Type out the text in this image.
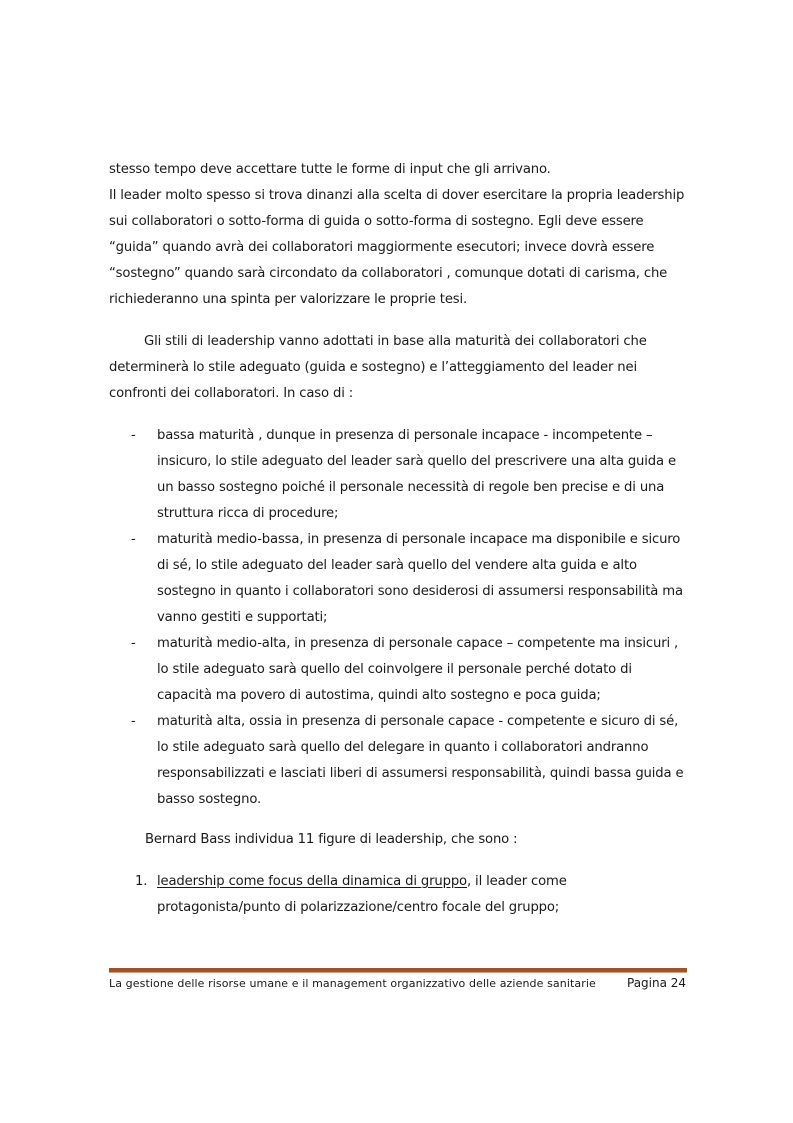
stesso tempo deve accettare tutte le forme di input che gli arrivano.

Il leader molto spesso si trova dinanzi alla scelta di dover esercitare la propria leadership sui collaboratori o sotto-forma di guida o sotto-forma di sostegno. Egli deve essere “guida” quando avrà dei collaboratori maggiormente esecutori; invece dovrà essere “sostegno” quando sarà circondato da collaboratori , comunque dotati di carisma, che richiederanno una spinta per valorizzare le proprie tesi.

Gli stili di leadership vanno adottati in base alla maturità dei collaboratori che determinerà lo stile adeguato (guida e sostegno) e l’atteggiamento del leader nei confronti dei collaboratori. In caso di :

- bassa maturità , dunque in presenza di personale incapace - incompetente – insicuro, lo stile adeguato del leader sarà quello del prescrivere una alta guida e un basso sostegno poiché il personale necessità di regole ben precise e di una struttura ricca di procedure;
- maturità medio-bassa, in presenza di personale incapace ma disponibile e sicuro di sé, lo stile adeguato del leader sarà quello del vendere alta guida e alto sostegno in quanto i collaboratori sono desiderosi di assumersi responsabilità ma vanno gestiti e supportati;
- maturità medio-alta, in presenza di personale capace – competente ma insicuri , lo stile adeguato sarà quello del coinvolgere il personale perché dotato di capacità ma povero di autostima, quindi alto sostegno e poca guida;
- maturità alta, ossia in presenza di personale capace - competente e sicuro di sé, lo stile adeguato sarà quello del delegare in quanto i collaboratori andranno responsabilizzati e lasciati liberi di assumersi responsabilità, quindi bassa guida e basso sostegno.

Bernard Bass individua 11 figure di leadership, che sono :

1. leadership come focus della dinamica di gruppo, il leader come protagonista/punto di polarizzazione/centro focale del gruppo;
La gestione delle risorse umane e il management organizzativo delle aziende sanitarie	Pagina 24
